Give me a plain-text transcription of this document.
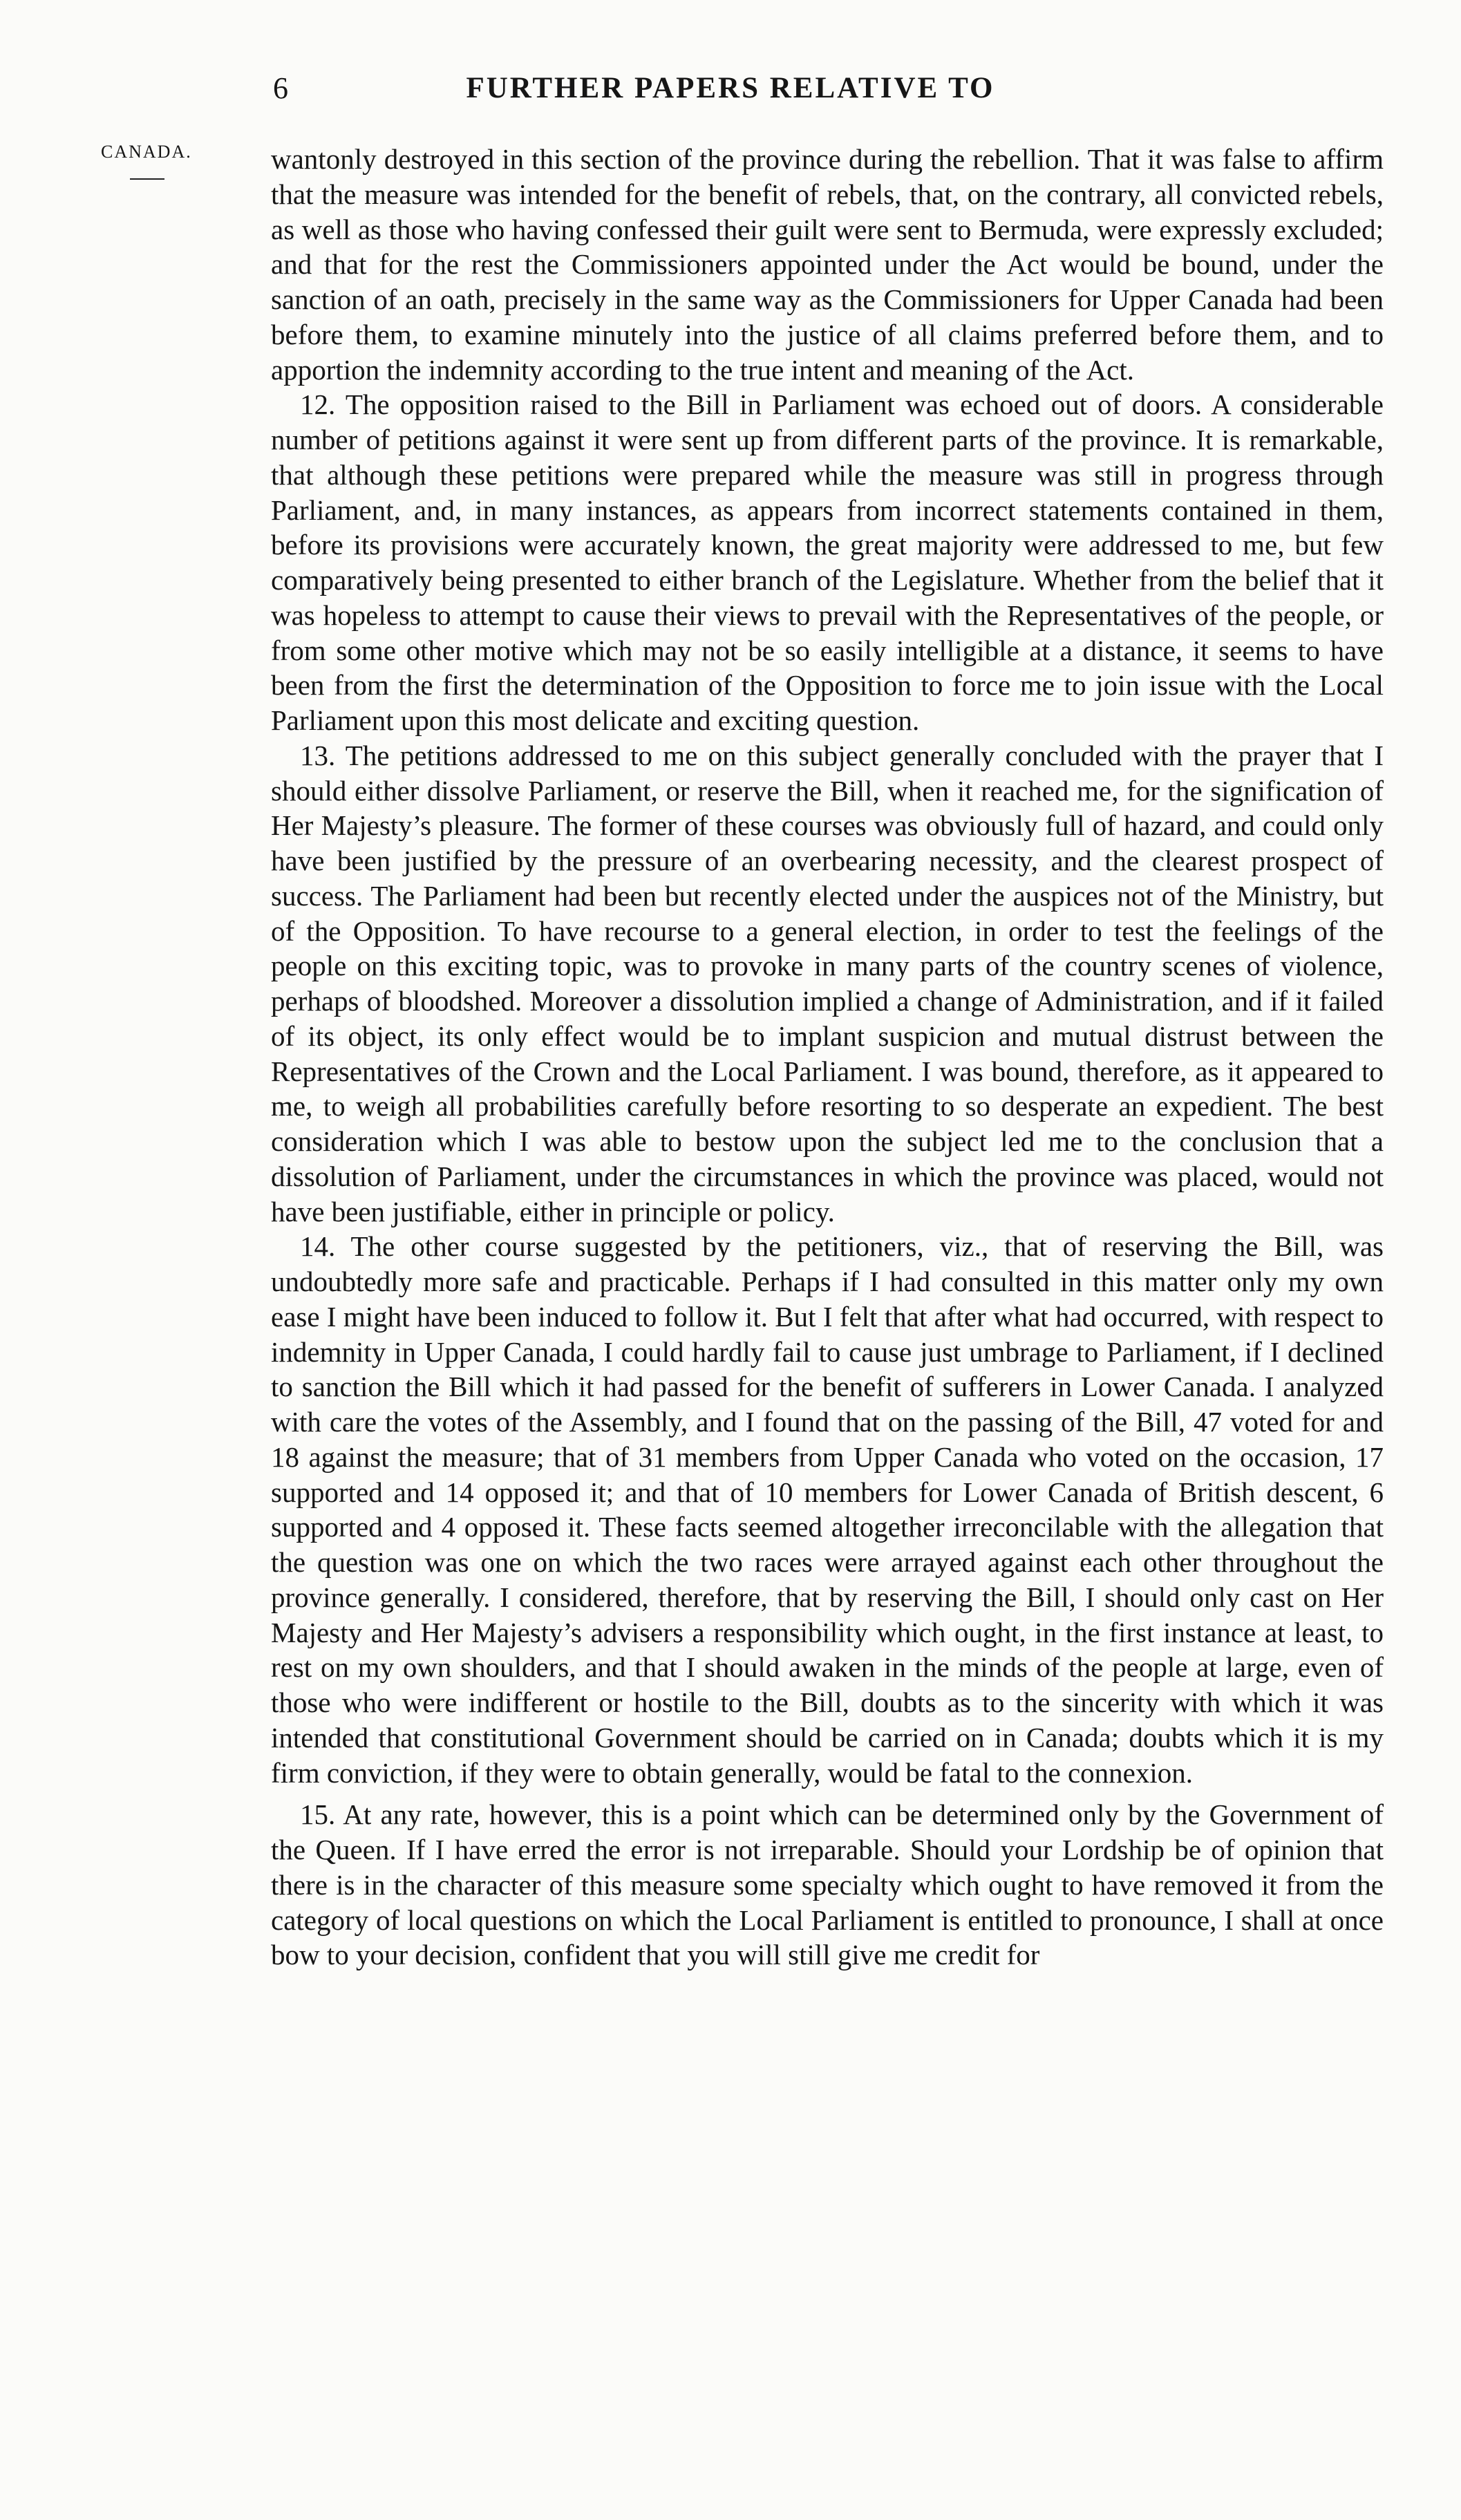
6	FURTHER PAPERS RELATIVE TO
CANADA.	wantonly destroyed in this section of the province during the rebellion. That it was false to affirm that the measure was intended for the benefit of rebels, that, on the contrary, all convicted rebels, as well as those who having confessed their guilt were sent to Bermuda, were expressly excluded; and that for the rest the Commissioners appointed under the Act would be bound, under the sanction of an oath, precisely in the same way as the Commissioners for Upper Canada had been before them, to examine minutely into the justice of all claims preferred before them, and to apportion the indemnity according to the true intent and meaning of the Act.

12. The opposition raised to the Bill in Parliament was echoed out of doors. A considerable number of petitions against it were sent up from different parts of the province. It is remarkable, that although these petitions were prepared while the measure was still in progress through Parliament, and, in many instances, as appears from incorrect statements contained in them, before its provisions were accurately known, the great majority were addressed to me, but few comparatively being presented to either branch of the Legislature. Whether from the belief that it was hopeless to attempt to cause their views to prevail with the Representatives of the people, or from some other motive which may not be so easily intelligible at a distance, it seems to have been from the first the determination of the Opposition to force me to join issue with the Local Parliament upon this most delicate and exciting question.

13. The petitions addressed to me on this subject generally concluded with the prayer that I should either dissolve Parliament, or reserve the Bill, when it reached me, for the signification of Her Majesty’s pleasure. The former of these courses was obviously full of hazard, and could only have been justified by the pressure of an overbearing necessity, and the clearest prospect of success. The Parliament had been but recently elected under the auspices not of the Ministry, but of the Opposition. To have recourse to a general election, in order to test the feelings of the people on this exciting topic, was to provoke in many parts of the country scenes of violence, perhaps of bloodshed. Moreover a dissolution implied a change of Administration, and if it failed of its object, its only effect would be to implant suspicion and mutual distrust between the Representatives of the Crown and the Local Parliament. I was bound, therefore, as it appeared to me, to weigh all probabilities carefully before resorting to so desperate an expedient. The best consideration which I was able to bestow upon the subject led me to the conclusion that a dissolution of Parliament, under the circumstances in which the province was placed, would not have been justifiable, either in principle or policy.

14. The other course suggested by the petitioners, viz., that of reserving the Bill, was undoubtedly more safe and practicable. Perhaps if I had consulted in this matter only my own ease I might have been induced to follow it. But I felt that after what had occurred, with respect to indemnity in Upper Canada, I could hardly fail to cause just umbrage to Parliament, if I declined to sanction the Bill which it had passed for the benefit of sufferers in Lower Canada. I analyzed with care the votes of the Assembly, and I found that on the passing of the Bill, 47 voted for and 18 against the measure; that of 31 members from Upper Canada who voted on the occasion, 17 supported and 14 opposed it; and that of 10 members for Lower Canada of British descent, 6 supported and 4 opposed it. These facts seemed altogether irreconcilable with the allegation that the question was one on which the two races were arrayed against each other throughout the province generally. I considered, therefore, that by reserving the Bill, I should only cast on Her Majesty and Her Majesty’s advisers a responsibility which ought, in the first instance at least, to rest on my own shoulders, and that I should awaken in the minds of the people at large, even of those who were indifferent or hostile to the Bill, doubts as to the sincerity with which it was intended that constitutional Government should be carried on in Canada; doubts which it is my firm conviction, if they were to obtain generally, would be fatal to the connexion.

15. At any rate, however, this is a point which can be determined only by the Government of the Queen. If I have erred the error is not irreparable. Should your Lordship be of opinion that there is in the character of this measure some specialty which ought to have removed it from the category of local questions on which the Local Parliament is entitled to pronounce, I shall at once bow to your decision, confident that you will still give me credit for
